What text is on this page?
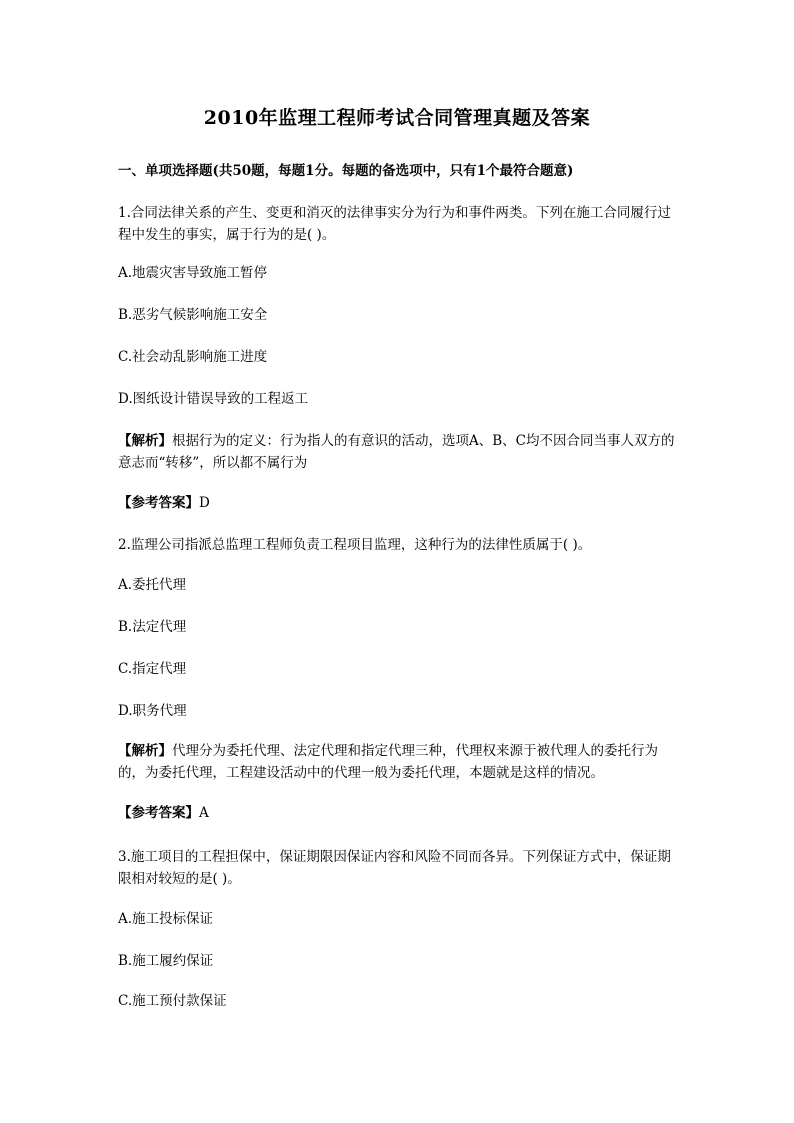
2010年监理工程师考试合同管理真题及答案
一、单项选择题(共50题，每题1分。每题的备选项中，只有1个最符合题意)
1.合同法律关系的产生、变更和消灭的法律事实分为行为和事件两类。下列在施工合同履行过程中发生的事实，属于行为的是( )。
A.地震灾害导致施工暂停
B.恶劣气候影响施工安全
C.社会动乱影响施工进度
D.图纸设计错误导致的工程返工
【解析】根据行为的定义：行为指人的有意识的活动，选项A、B、C均不因合同当事人双方的意志而“转移”，所以都不属行为
【参考答案】D
2.监理公司指派总监理工程师负责工程项目监理，这种行为的法律性质属于( )。
A.委托代理
B.法定代理
C.指定代理
D.职务代理
【解析】代理分为委托代理、法定代理和指定代理三种，代理权来源于被代理人的委托行为的，为委托代理，工程建设活动中的代理一般为委托代理，本题就是这样的情况。
【参考答案】A
3.施工项目的工程担保中，保证期限因保证内容和风险不同而各异。下列保证方式中，保证期限相对较短的是( )。
A.施工投标保证
B.施工履约保证
C.施工预付款保证
